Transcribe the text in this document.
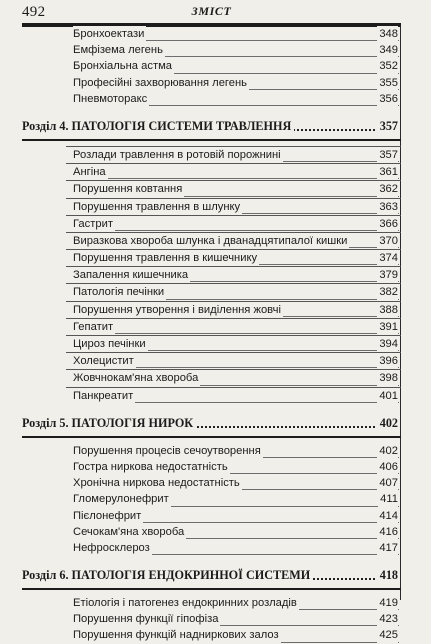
492	ЗМІСТ
Бронхоектази	348
Емфізема легень	349
Бронхіальна астма	352
Професійні захворювання легень	355
Пневмоторакс	356
Розділ 4. ПАТОЛОГІЯ СИСТЕМИ ТРАВЛЕННЯ	357
Розлади травлення в ротовій порожнині	357
Ангіна	361
Порушення ковтання	362
Порушення травлення в шлунку	363
Гастрит	366
Виразкова хвороба шлунка і дванадцятипалої кишки	370
Порушення травлення в кишечнику	374
Запалення кишечника	379
Патологія печінки	382
Порушення утворення і виділення жовчі	388
Гепатит	391
Цироз печінки	394
Холецистит	396
Жовчнокам'яна хвороба	398
Панкреатит	401
Розділ 5. ПАТОЛОГІЯ НИРОК	402
Порушення процесів сечоутворення	402
Гостра ниркова недостатність	406
Хронічна ниркова недостатність	407
Гломерулонефрит	411
Пієлонефрит	414
Сечокам'яна хвороба	416
Нефросклероз	417
Розділ 6. ПАТОЛОГІЯ ЕНДОКРИННОЇ СИСТЕМИ	418
Етіологія і патогенез ендокринних розладів	419
Порушення функції гіпофіза	423
Порушення функцій надниркових залоз	425
